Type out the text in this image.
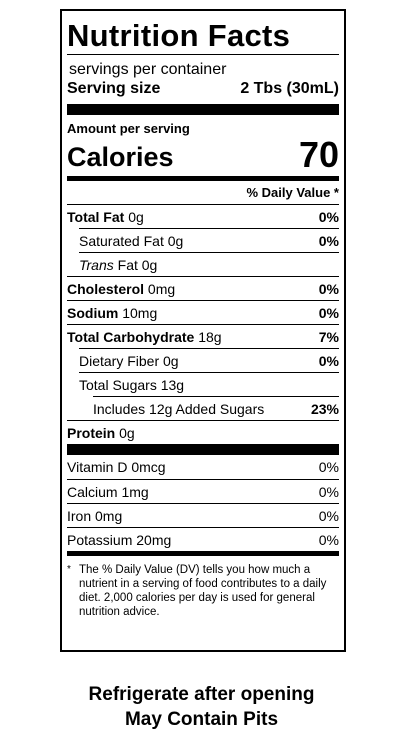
Nutrition Facts
servings per container
Serving size	2 Tbs (30mL)
Amount per serving
Calories	70
% Daily Value *
Total Fat 0g	0%
Saturated Fat 0g	0%
Trans Fat 0g
Cholesterol 0mg	0%
Sodium 10mg	0%
Total Carbohydrate 18g	7%
Dietary Fiber 0g	0%
Total Sugars 13g
Includes 12g Added Sugars	23%
Protein 0g
Vitamin D 0mcg	0%
Calcium 1mg	0%
Iron 0mg	0%
Potassium 20mg	0%
* The % Daily Value (DV) tells you how much a nutrient in a serving of food contributes to a daily diet. 2,000 calories per day is used for general nutrition advice.
Refrigerate after opening
May Contain Pits
